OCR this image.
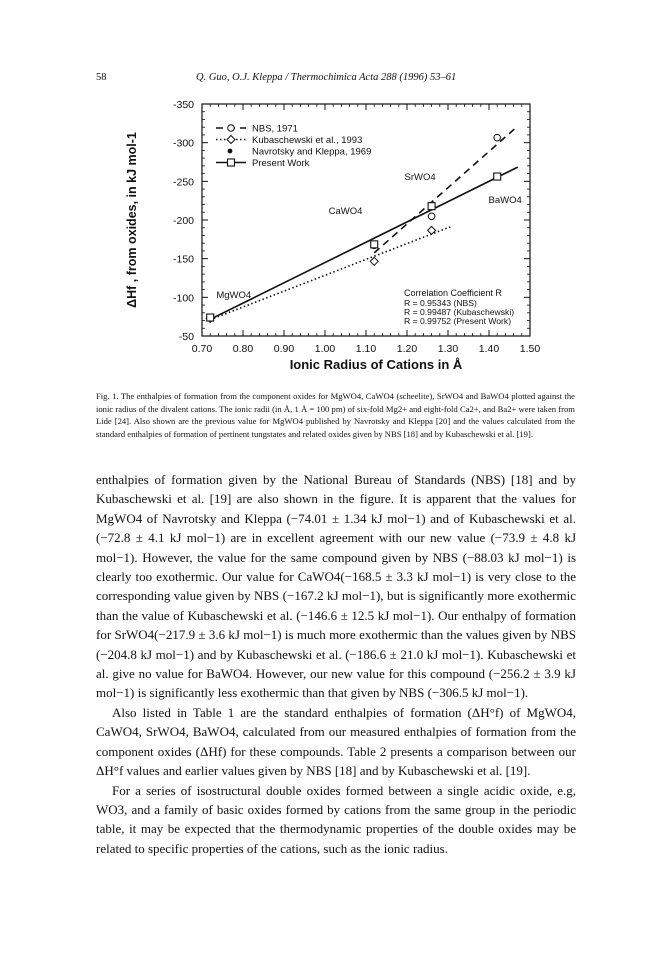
58	Q. Guo, O.J. Kleppa / Thermochimica Acta 288 (1996) 53–61
0.70 0.80 0.90 1.00 1.10 1.20 1.30 1.40 1.50
-350
-300
-250
-200
-150
-100
-50
Ionic Radius of Cations in Å
ΔHf , from oxides, in kJ mol-1	MgWO4
CaWO4
SrWO4
BaWO4
NBS, 1971
Kubaschewski et al., 1993
Navrotsky and Kleppa, 1969
Present Work
Correlation Coefficient R
R = 0.95343 (NBS)
R = 0.99487 (Kubaschewski)
R = 0.99752 (Present Work)
Fig. 1. The enthalpies of formation from the component oxides for MgWO4, CaWO4 (scheelite), SrWO4 and BaWO4 plotted against the ionic radius of the divalent cations. The ionic radii (in Å, 1 Å = 100 pm) of six-fold Mg2+ and eight-fold Ca2+, and Ba2+ were taken from Lide [24]. Also shown are the previous value for MgWO4 published by Navrotsky and Kleppa [20] and the values calculated from the standard enthalpies of formation of pertinent tungstates and related oxides given by NBS [18] and by Kubaschewski et al. [19].

enthalpies of formation given by the National Bureau of Standards (NBS) [18] and by Kubaschewski et al. [19] are also shown in the figure. It is apparent that the values for MgWO4 of Navrotsky and Kleppa (−74.01 ± 1.34 kJ mol−1) and of Kubaschewski et al. (−72.8 ± 4.1 kJ mol−1) are in excellent agreement with our new value (−73.9 ± 4.8 kJ mol−1). However, the value for the same compound given by NBS (−88.03 kJ mol−1) is clearly too exothermic. Our value for CaWO4(−168.5 ± 3.3 kJ mol−1) is very close to the corresponding value given by NBS (−167.2 kJ mol−1), but is significantly more exothermic than the value of Kubaschewski et al. (−146.6 ± 12.5 kJ mol−1). Our enthalpy of formation for SrWO4(−217.9 ± 3.6 kJ mol−1) is much more exothermic than the values given by NBS (−204.8 kJ mol−1) and by Kubaschewski et al. (−186.6 ± 21.0 kJ mol−1). Kubaschewski et al. give no value for BaWO4. However, our new value for this compound (−256.2 ± 3.9 kJ mol−1) is significantly less exothermic than that given by NBS (−306.5 kJ mol−1).

Also listed in Table 1 are the standard enthalpies of formation (ΔH°f) of MgWO4, CaWO4, SrWO4, BaWO4, calculated from our measured enthalpies of formation from the component oxides (ΔHf) for these compounds. Table 2 presents a comparison between our ΔH°f values and earlier values given by NBS [18] and by Kubaschewski et al. [19].

For a series of isostructural double oxides formed between a single acidic oxide, e.g, WO3, and a family of basic oxides formed by cations from the same group in the periodic table, it may be expected that the thermodynamic properties of the double oxides may be related to specific properties of the cations, such as the ionic radius.
